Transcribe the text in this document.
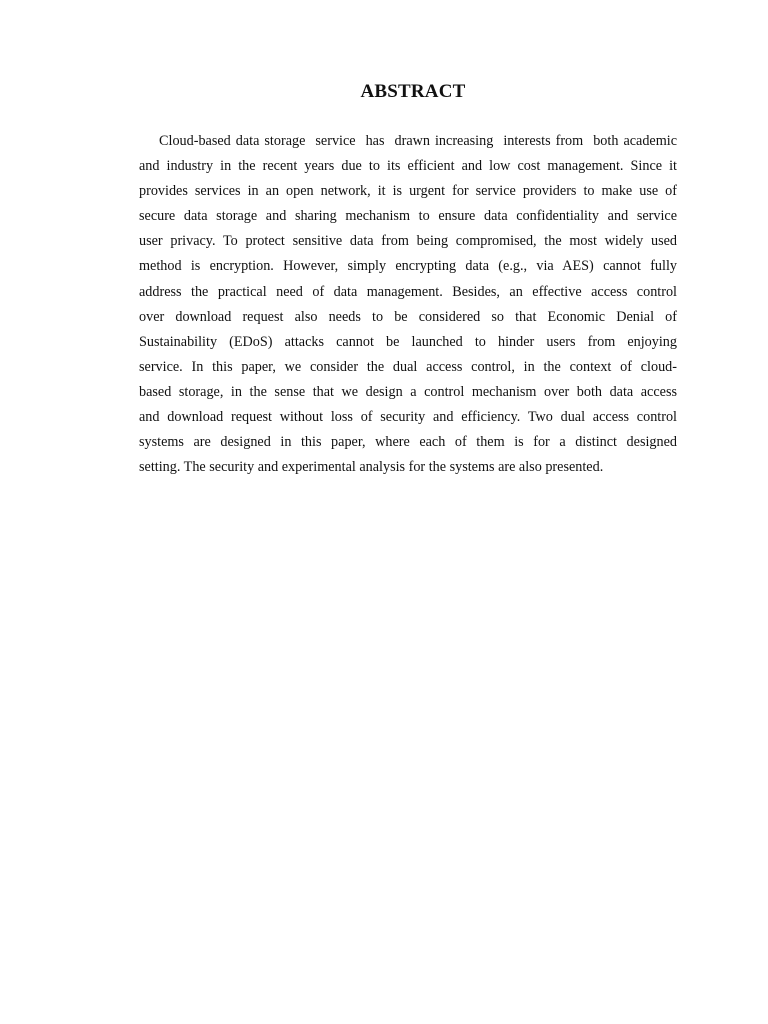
ABSTRACT
Cloud-based data storage  service  has  drawn increasing  interests from  both academic
and industry in the recent years due to its efficient and low cost management. Since it
provides services in an open network, it is urgent for service providers to make use of
secure data storage and sharing mechanism to ensure data confidentiality and service
user privacy. To protect sensitive data from being compromised, the most widely used
method is encryption. However, simply encrypting data (e.g., via AES) cannot fully
address the practical need of data management. Besides, an effective access control
over download request also needs to be considered so that Economic Denial of
Sustainability (EDoS) attacks cannot be launched to hinder users from enjoying
service. In this paper, we consider the dual access control, in the context of cloud-
based storage, in the sense that we design a control mechanism over both data access
and download request without loss of security and efficiency. Two dual access control
systems are designed in this paper, where each of them is for a distinct designed
setting. The security and experimental analysis for the systems are also presented.
